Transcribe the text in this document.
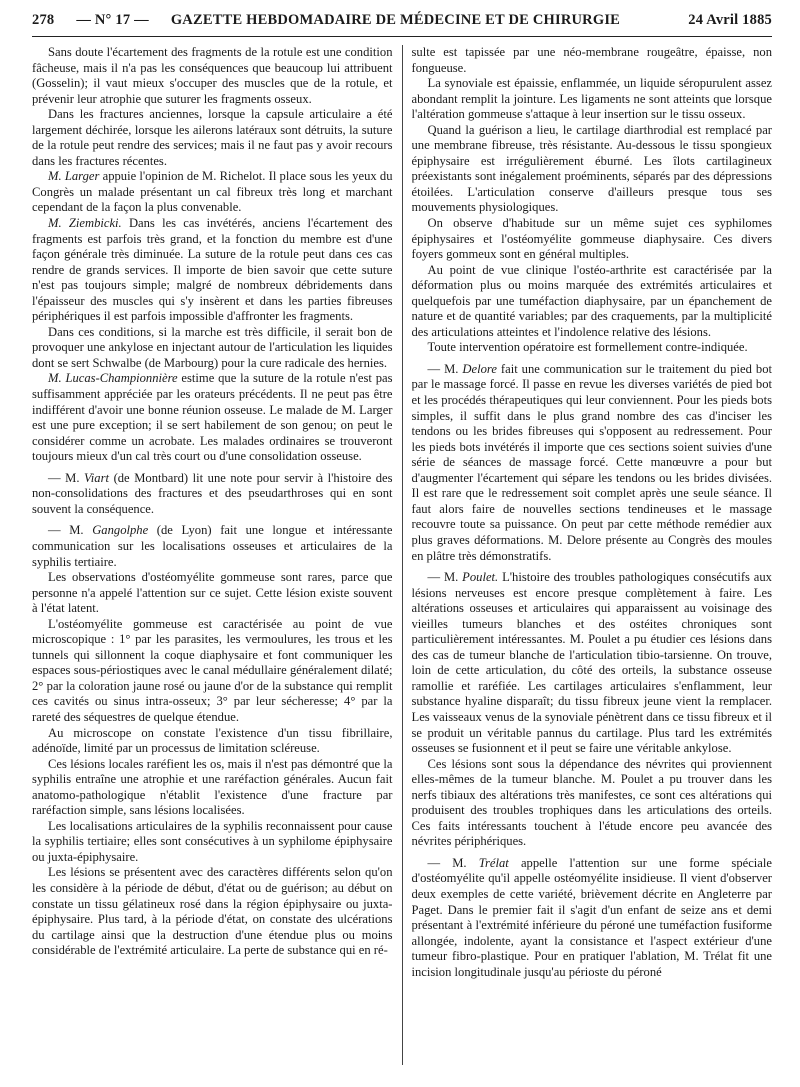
278 — N° 17 — GAZETTE HEBDOMADAIRE DE MÉDECINE ET DE CHIRURGIE	24 Avril 1885

Sans doute l'écartement des fragments de la rotule est une condition fâcheuse, mais il n'a pas les conséquences que beaucoup lui attribuent (Gosselin); il vaut mieux s'occuper des muscles que de la rotule, et prévenir leur atrophie que suturer les fragments osseux.

Dans les fractures anciennes, lorsque la capsule articulaire a été largement déchirée, lorsque les ailerons latéraux sont détruits, la suture de la rotule peut rendre des services; mais il ne faut pas y avoir recours dans les fractures récentes.

M. Larger appuie l'opinion de M. Richelot. Il place sous les yeux du Congrès un malade présentant un cal fibreux très long et marchant cependant de la façon la plus convenable.

M. Ziembicki. Dans les cas invétérés, anciens l'écartement des fragments est parfois très grand, et la fonction du membre est d'une façon générale très diminuée. La suture de la rotule peut dans ces cas rendre de grands services. Il importe de bien savoir que cette suture n'est pas toujours simple; malgré de nombreux débridements dans l'épaisseur des muscles qui s'y insèrent et dans les parties fibreuses périphériques il est parfois impossible d'affronter les fragments.

Dans ces conditions, si la marche est très difficile, il serait bon de provoquer une ankylose en injectant autour de l'articulation les liquides dont se sert Schwalbe (de Marbourg) pour la cure radicale des hernies.

M. Lucas-Championnière estime que la suture de la rotule n'est pas suffisamment appréciée par les orateurs précédents. Il ne peut pas être indifférent d'avoir une bonne réunion osseuse. Le malade de M. Larger est une pure exception; il se sert habilement de son genou; on peut le considérer comme un acrobate. Les malades ordinaires se trouveront toujours mieux d'un cal très court ou d'une consolidation osseuse.

— M. Viart (de Montbard) lit une note pour servir à l'histoire des non-consolidations des fractures et des pseudarthroses qui en sont souvent la conséquence.

— M. Gangolphe (de Lyon) fait une longue et intéressante communication sur les localisations osseuses et articulaires de la syphilis tertiaire.

Les observations d'ostéomyélite gommeuse sont rares, parce que personne n'a appelé l'attention sur ce sujet. Cette lésion existe souvent à l'état latent.

L'ostéomyélite gommeuse est caractérisée au point de vue microscopique : 1° par les parasites, les vermoulures, les trous et les tunnels qui sillonnent la coque diaphysaire et font communiquer les espaces sous-périostiques avec le canal médullaire généralement dilaté; 2° par la coloration jaune rosé ou jaune d'or de la substance qui remplit ces cavités ou sinus intra-osseux; 3° par leur sécheresse; 4° par la rareté des séquestres de quelque étendue.

Au microscope on constate l'existence d'un tissu fibrillaire, adénoïde, limité par un processus de limitation scléreuse.

Ces lésions locales raréfient les os, mais il n'est pas démontré que la syphilis entraîne une atrophie et une raréfaction générales. Aucun fait anatomo-pathologique n'établit l'existence d'une fracture par raréfaction simple, sans lésions localisées.

Les localisations articulaires de la syphilis reconnaissent pour cause la syphilis tertiaire; elles sont consécutives à un syphilome épiphysaire ou juxta-épiphysaire.

Les lésions se présentent avec des caractères différents selon qu'on les considère à la période de début, d'état ou de guérison; au début on constate un tissu gélatineux rosé dans la région épiphysaire ou juxta-épiphysaire. Plus tard, à la période d'état, on constate des ulcérations du cartilage ainsi que la destruction d'une étendue plus ou moins considérable de l'extrémité articulaire. La perte de substance qui en ré-

sulte est tapissée par une néo-membrane rougeâtre, épaisse, non fongueuse.

La synoviale est épaissie, enflammée, un liquide séropurulent assez abondant remplit la jointure. Les ligaments ne sont atteints que lorsque l'altération gommeuse s'attaque à leur insertion sur le tissu osseux.

Quand la guérison a lieu, le cartilage diarthrodial est remplacé par une membrane fibreuse, très résistante. Au-dessous le tissu spongieux épiphysaire est irrégulièrement éburné. Les îlots cartilagineux préexistants sont inégalement proéminents, séparés par des dépressions étoilées. L'articulation conserve d'ailleurs presque tous ses mouvements physiologiques.

On observe d'habitude sur un même sujet ces syphilomes épiphysaires et l'ostéomyélite gommeuse diaphysaire. Ces divers foyers gommeux sont en général multiples.

Au point de vue clinique l'ostéo-arthrite est caractérisée par la déformation plus ou moins marquée des extrémités articulaires et quelquefois par une tuméfaction diaphysaire, par un épanchement de nature et de quantité variables; par des craquements, par la multiplicité des articulations atteintes et l'indolence relative des lésions.

Toute intervention opératoire est formellement contre-indiquée.

— M. Delore fait une communication sur le traitement du pied bot par le massage forcé. Il passe en revue les diverses variétés de pied bot et les procédés thérapeutiques qui leur conviennent. Pour les pieds bots simples, il suffit dans le plus grand nombre des cas d'inciser les tendons ou les brides fibreuses qui s'opposent au redressement. Pour les pieds bots invétérés il importe que ces sections soient suivies d'une série de séances de massage forcé. Cette manœuvre a pour but d'augmenter l'écartement qui sépare les tendons ou les brides divisées. Il est rare que le redressement soit complet après une seule séance. Il faut alors faire de nouvelles sections tendineuses et le massage recouvre toute sa puissance. On peut par cette méthode remédier aux plus graves déformations. M. Delore présente au Congrès des moules en plâtre très démonstratifs.

— M. Poulet. L'histoire des troubles pathologiques consécutifs aux lésions nerveuses est encore presque complètement à faire. Les altérations osseuses et articulaires qui apparaissent au voisinage des vieilles tumeurs blanches et des ostéites chroniques sont particulièrement intéressantes. M. Poulet a pu étudier ces lésions dans des cas de tumeur blanche de l'articulation tibio-tarsienne. On trouve, loin de cette articulation, du côté des orteils, la substance osseuse ramollie et raréfiée. Les cartilages articulaires s'enflamment, leur substance hyaline disparaît; du tissu fibreux jeune vient la remplacer. Les vaisseaux venus de la synoviale pénètrent dans ce tissu fibreux et il se produit un véritable pannus du cartilage. Plus tard les extrémités osseuses se fusionnent et il peut se faire une véritable ankylose.

Ces lésions sont sous la dépendance des névrites qui proviennent elles-mêmes de la tumeur blanche. M. Poulet a pu trouver dans les nerfs tibiaux des altérations très manifestes, ce sont ces altérations qui produisent des troubles trophiques dans les articulations des orteils. Ces faits intéressants touchent à l'étude encore peu avancée des névrites périphériques.

— M. Trélat appelle l'attention sur une forme spéciale d'ostéomyélite qu'il appelle ostéomyélite insidieuse. Il vient d'observer deux exemples de cette variété, brièvement décrite en Angleterre par Paget. Dans le premier fait il s'agit d'un enfant de seize ans et demi présentant à l'extrémité inférieure du péroné une tuméfaction fusiforme allongée, indolente, ayant la consistance et l'aspect extérieur d'une tumeur fibro-plastique. Pour en pratiquer l'ablation, M. Trélat fit une incision longitudinale jusqu'au périoste du péroné
